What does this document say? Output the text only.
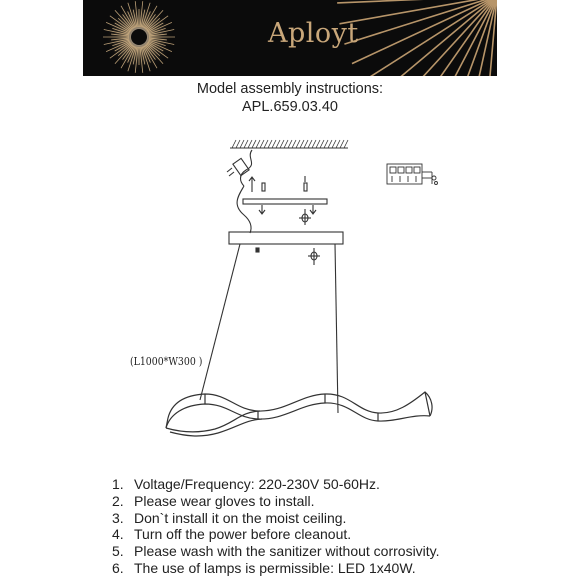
Aployt
Model assembly instructions:
APL.659.03.40
(L1000*W300 )
1. Voltage/Frequency: 220-230V 50-60Hz.
2. Please wear gloves to install.
3. Don`t install it on the moist ceiling.
4. Turn off the power before cleanout.
5. Please wash with the sanitizer without corrosivity.
6. The use of lamps is permissible: LED 1x40W.
